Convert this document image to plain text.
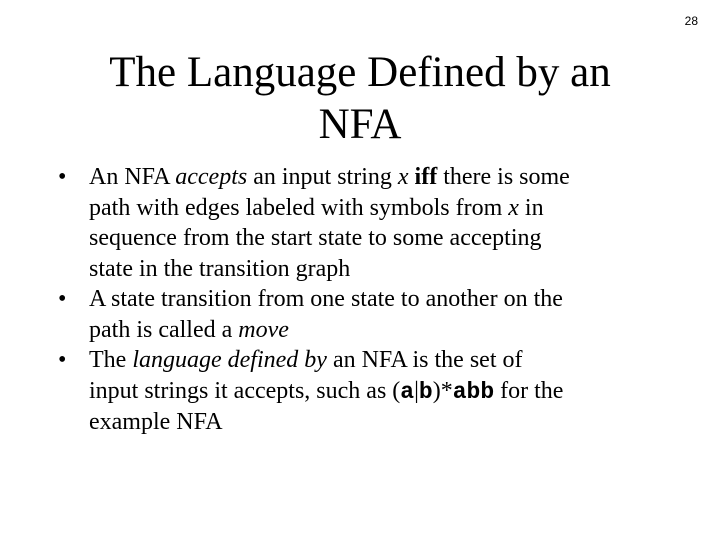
28
The Language Defined by an
NFA
• An NFA accepts an input string x iff there is some
path with edges labeled with symbols from x in
sequence from the start state to some accepting
state in the transition graph
• A state transition from one state to another on the
path is called a move
• The language defined by an NFA is the set of
input strings it accepts, such as (a|b)*abb for the
example NFA
